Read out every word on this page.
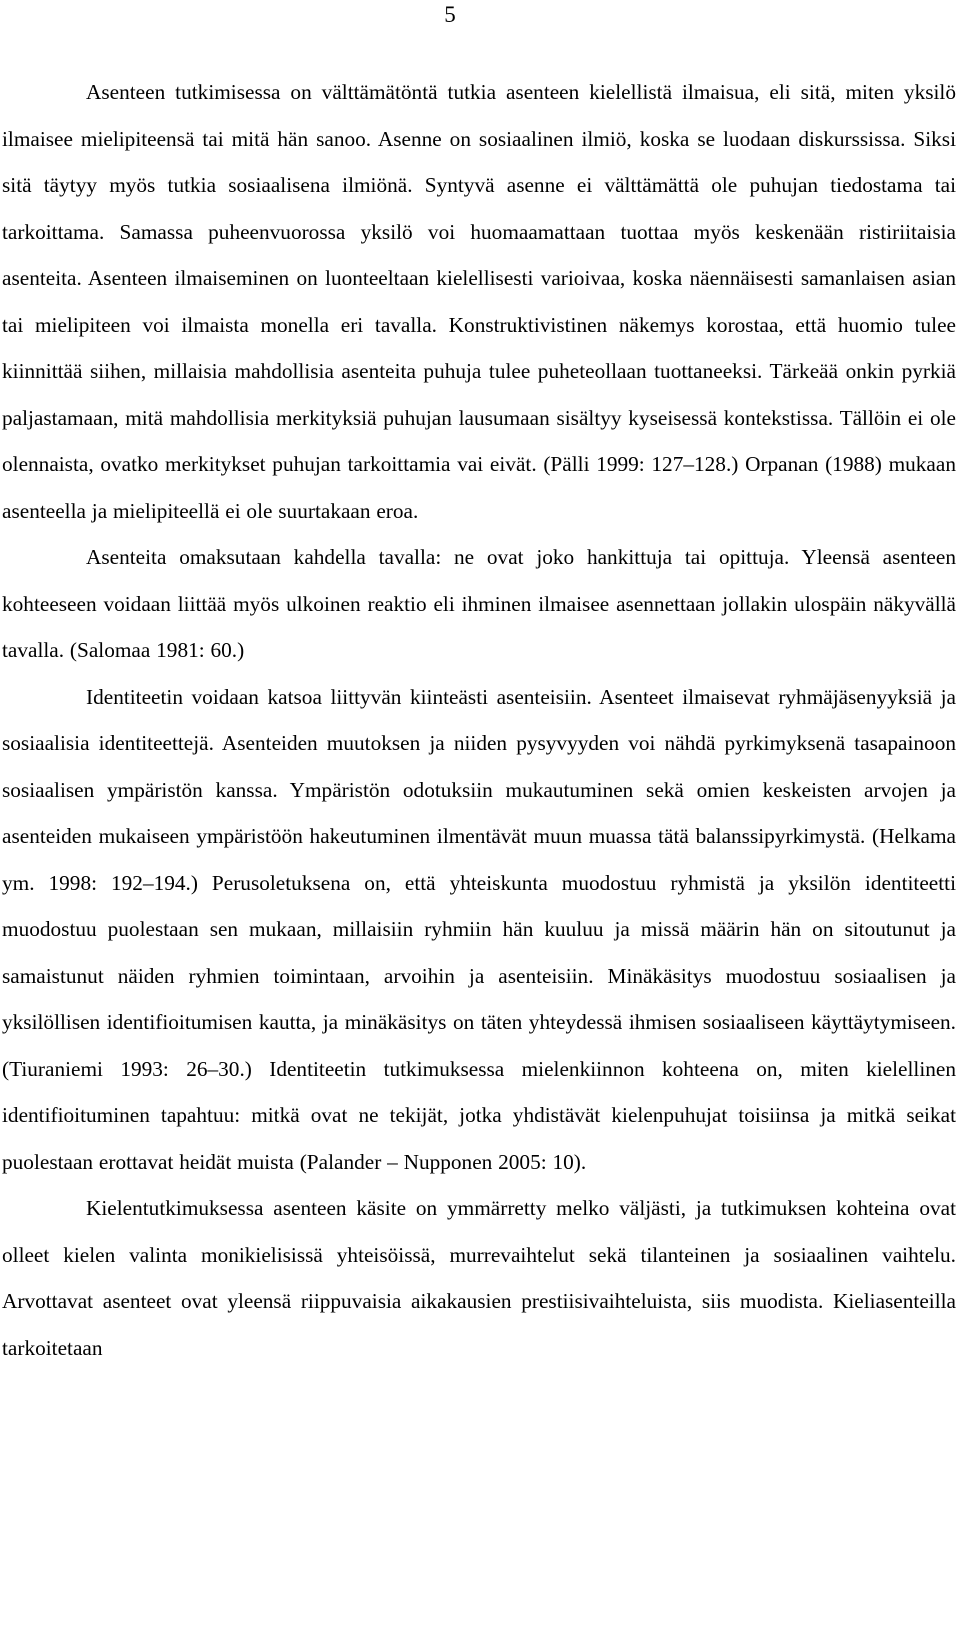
5

Asenteen tutkimisessa on välttämätöntä tutkia asenteen kielellistä ilmaisua, eli sitä, miten yksilö ilmaisee mielipiteensä tai mitä hän sanoo. Asenne on sosiaalinen ilmiö, koska se luodaan diskurssissa. Siksi sitä täytyy myös tutkia sosiaalisena ilmiönä. Syntyvä asenne ei välttämättä ole puhujan tiedostama tai tarkoittama. Samassa puheenvuorossa yksilö voi huomaamattaan tuottaa myös keskenään ristiriitaisia asenteita. Asenteen ilmaiseminen on luonteeltaan kielellisesti varioivaa, koska näennäisesti samanlaisen asian tai mielipiteen voi ilmaista monella eri tavalla. Konstruktivistinen näkemys korostaa, että huomio tulee kiinnittää siihen, millaisia mahdollisia asenteita puhuja tulee puheteollaan tuottaneeksi. Tärkeää onkin pyrkiä paljastamaan, mitä mahdollisia merkityksiä puhujan lausumaan sisältyy kyseisessä kontekstissa. Tällöin ei ole olennaista, ovatko merkitykset puhujan tarkoittamia vai eivät. (Pälli 1999: 127–128.) Orpanan (1988) mukaan asenteella ja mielipiteellä ei ole suurtakaan eroa.

Asenteita omaksutaan kahdella tavalla: ne ovat joko hankittuja tai opittuja. Yleensä asenteen kohteeseen voidaan liittää myös ulkoinen reaktio eli ihminen ilmaisee asennettaan jollakin ulospäin näkyvällä tavalla. (Salomaa 1981: 60.)

Identiteetin voidaan katsoa liittyvän kiinteästi asenteisiin. Asenteet ilmaisevat ryhmäjäsenyyksiä ja sosiaalisia identiteettejä. Asenteiden muutoksen ja niiden pysyvyyden voi nähdä pyrkimyksenä tasapainoon sosiaalisen ympäristön kanssa. Ympäristön odotuksiin mukautuminen sekä omien keskeisten arvojen ja asenteiden mukaiseen ympäristöön hakeutuminen ilmentävät muun muassa tätä balanssipyrkimystä. (Helkama ym. 1998: 192–194.) Perusoletuksena on, että yhteiskunta muodostuu ryhmistä ja yksilön identiteetti muodostuu puolestaan sen mukaan, millaisiin ryhmiin hän kuuluu ja missä määrin hän on sitoutunut ja samaistunut näiden ryhmien toimintaan, arvoihin ja asenteisiin. Minäkäsitys muodostuu sosiaalisen ja yksilöllisen identifioitumisen kautta, ja minäkäsitys on täten yhteydessä ihmisen sosiaaliseen käyttäytymiseen. (Tiuraniemi 1993: 26–30.) Identiteetin tutkimuksessa mielenkiinnon kohteena on, miten kielellinen identifioituminen tapahtuu: mitkä ovat ne tekijät, jotka yhdistävät kielenpuhujat toisiinsa ja mitkä seikat puolestaan erottavat heidät muista (Palander – Nupponen 2005: 10).

Kielentutkimuksessa asenteen käsite on ymmärretty melko väljästi, ja tutkimuksen kohteina ovat olleet kielen valinta monikielisissä yhteisöissä, murrevaihtelut sekä tilanteinen ja sosiaalinen vaihtelu. Arvottavat asenteet ovat yleensä riippuvaisia aikakausien prestiisivaihteluista, siis muodista. Kieliasenteilla tarkoitetaan
